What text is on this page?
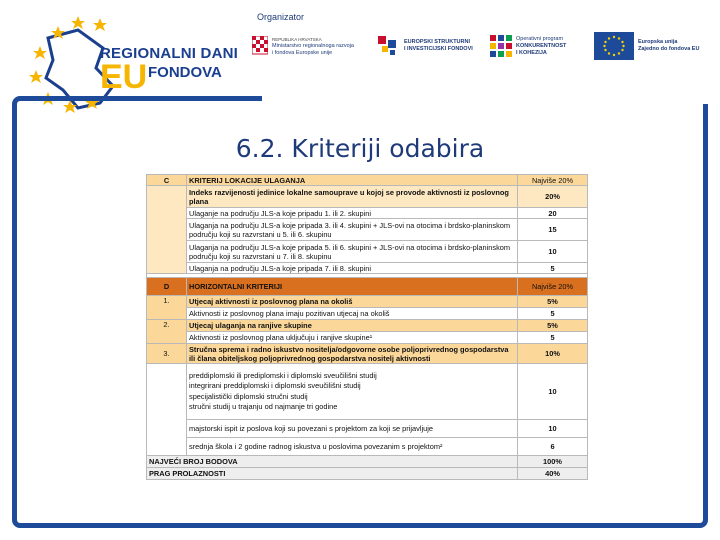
REGIONALNI DANI
EU FONDOVA
Organizator
REPUBLIKA HRVATSKA
Ministarstvo regionalnoga razvoja
i fondova Europske unije
EUROPSKI STRUKTURNI
I INVESTICIJSKI FONDOVI
Operativni program
KONKURENTNOST
I KOHEZIJA
Europska unija
Zajedno do fondova EU
6.2. Kriteriji odabira
C	KRITERIJ LOKACIJE ULAGANJA	Najviše 20%
	Indeks razvijenosti jedinice lokalne samouprave u kojoj se provode aktivnosti iz poslovnog plana	20%
	Ulaganje na području JLS-a koje pripadu 1. ili 2. skupini	20
	Ulaganja na području JLS-a koje pripada 3. ili 4. skupini + JLS-ovi na otocima i brdsko-planinskom području koji su razvrstani u 5. ili 6. skupinu	15
	Ulaganja na području JLS-a koje pripada 5. ili 6. skupini + JLS-ovi na otocima i brdsko-planinskom području koji su razvrstani u 7. ili 8. skupinu	10
	Ulaganja na području JLS-a koje pripada 7. ili 8. skupini	5

D	HORIZONTALNI KRITERIJI	Najviše 20%
1.	Utjecaj aktivnosti iz poslovnog plana na okoliš	5%
	Aktivnosti iz poslovnog plana imaju pozitivan utjecaj na okoliš	5
2.	Utjecaj ulaganja na ranjive skupine	5%
	Aktivnosti iz poslovnog plana uključuju i ranjive skupine¹	5
3.	Stručna sprema i radno iskustvo nositelja/odgovorne osobe poljoprivrednog gospodarstva ili člana obiteljskog poljoprivrednog gospodarstva nositelj aktivnosti	10%
	preddiplomski ili prediplomski i diplomski sveučilišni studij
integrirani preddiplomski i diplomski sveučilišni studij
specijalistički diplomski stručni studij
stručni studij u trajanju od najmanje tri godine	10
	majstorski ispit iz poslova koji su povezani s projektom za koji se prijavljuje	10
	srednja škola i 2 godine radnog iskustva u poslovima povezanim s projektom²	6
NAJVEĆI BROJ BODOVA		100%
PRAG PROLAZNOSTI		40%
